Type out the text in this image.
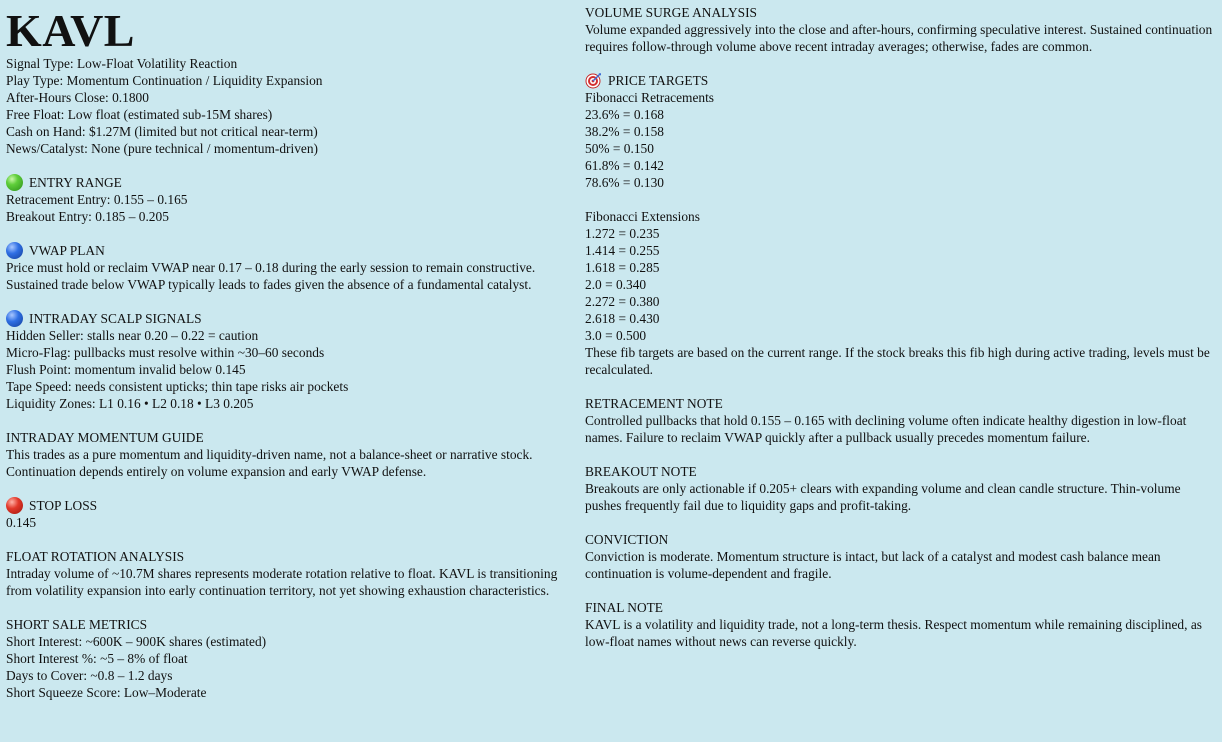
KAVL
Signal Type: Low-Float Volatility Reaction
Play Type: Momentum Continuation / Liquidity Expansion
After-Hours Close: 0.1800
Free Float: Low float (estimated sub-15M shares)
Cash on Hand: $1.27M (limited but not critical near-term)
News/Catalyst: None (pure technical / momentum-driven)
ENTRY RANGE
Retracement Entry: 0.155 – 0.165
Breakout Entry: 0.185 – 0.205
VWAP PLAN
Price must hold or reclaim VWAP near 0.17 – 0.18 during the early session to remain constructive.
Sustained trade below VWAP typically leads to fades given the absence of a fundamental catalyst.
INTRADAY SCALP SIGNALS
Hidden Seller: stalls near 0.20 – 0.22 = caution
Micro-Flag: pullbacks must resolve within ~30–60 seconds
Flush Point: momentum invalid below 0.145
Tape Speed: needs consistent upticks; thin tape risks air pockets
Liquidity Zones: L1 0.16 • L2 0.18 • L3 0.205
INTRADAY MOMENTUM GUIDE
This trades as a pure momentum and liquidity-driven name, not a balance-sheet or narrative stock.
Continuation depends entirely on volume expansion and early VWAP defense.
STOP LOSS
0.145
FLOAT ROTATION ANALYSIS
Intraday volume of ~10.7M shares represents moderate rotation relative to float. KAVL is transitioning from volatility expansion into early continuation territory, not yet showing exhaustion characteristics.
SHORT SALE METRICS
Short Interest: ~600K – 900K shares (estimated)
Short Interest %: ~5 – 8% of float
Days to Cover: ~0.8 – 1.2 days
Short Squeeze Score: Low–Moderate
VOLUME SURGE ANALYSIS
Volume expanded aggressively into the close and after-hours, confirming speculative interest. Sustained continuation requires follow-through volume above recent intraday averages; otherwise, fades are common.
PRICE TARGETS
Fibonacci Retracements
23.6% = 0.168
38.2% = 0.158
50% = 0.150
61.8% = 0.142
78.6% = 0.130
Fibonacci Extensions
1.272 = 0.235
1.414 = 0.255
1.618 = 0.285
2.0 = 0.340
2.272 = 0.380
2.618 = 0.430
3.0 = 0.500
These fib targets are based on the current range. If the stock breaks this fib high during active trading, levels must be recalculated.
RETRACEMENT NOTE
Controlled pullbacks that hold 0.155 – 0.165 with declining volume often indicate healthy digestion in low-float names. Failure to reclaim VWAP quickly after a pullback usually precedes momentum failure.
BREAKOUT NOTE
Breakouts are only actionable if 0.205+ clears with expanding volume and clean candle structure. Thin-volume pushes frequently fail due to liquidity gaps and profit-taking.
CONVICTION
Conviction is moderate. Momentum structure is intact, but lack of a catalyst and modest cash balance mean continuation is volume-dependent and fragile.
FINAL NOTE
KAVL is a volatility and liquidity trade, not a long-term thesis. Respect momentum while remaining disciplined, as low-float names without news can reverse quickly.
